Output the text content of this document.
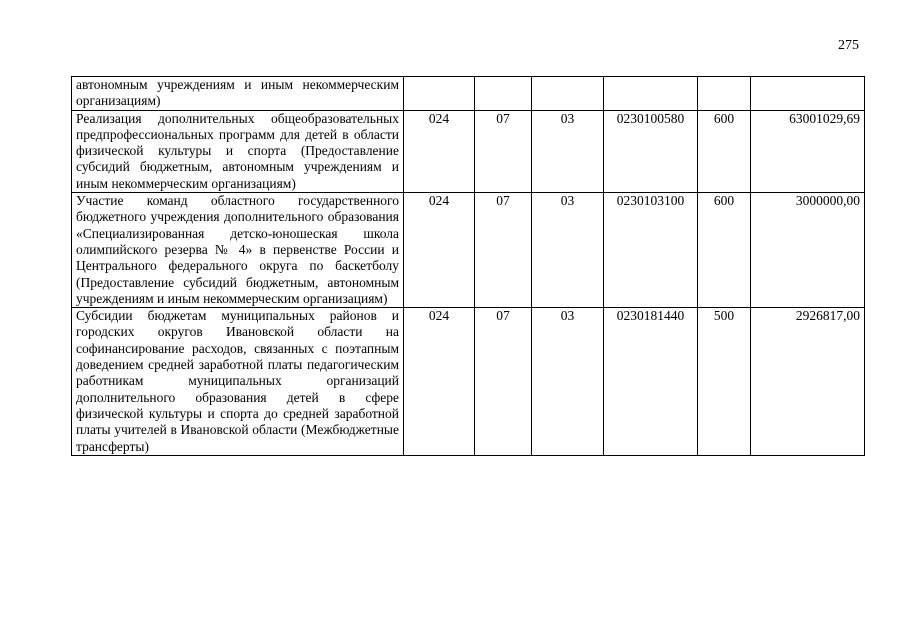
275
автономным учреждениям и иным некоммерческим организациям)						
Реализация дополнительных общеобразовательных предпрофессиональных программ для детей в области физической культуры и спорта (Предоставление субсидий бюджетным, автономным учреждениям и иным некоммерческим организациям)	024	07	03	0230100580	600	63001029,69
Участие команд областного государственного бюджетного учреждения дополнительного образования «Специализированная детско-юношеская школа олимпийского резерва № 4» в первенстве России и Центрального федерального округа по баскетболу (Предоставление субсидий бюджетным, автономным учреждениям и иным некоммерческим организациям)	024	07	03	0230103100	600	3000000,00
Субсидии бюджетам муниципальных районов и городских округов Ивановской области на софинансирование расходов, связанных с поэтапным доведением средней заработной платы педагогическим работникам муниципальных организаций дополнительного образования детей в сфере физической культуры и спорта до средней заработной платы учителей в Ивановской области (Межбюджетные трансферты)	024	07	03	0230181440	500	2926817,00
